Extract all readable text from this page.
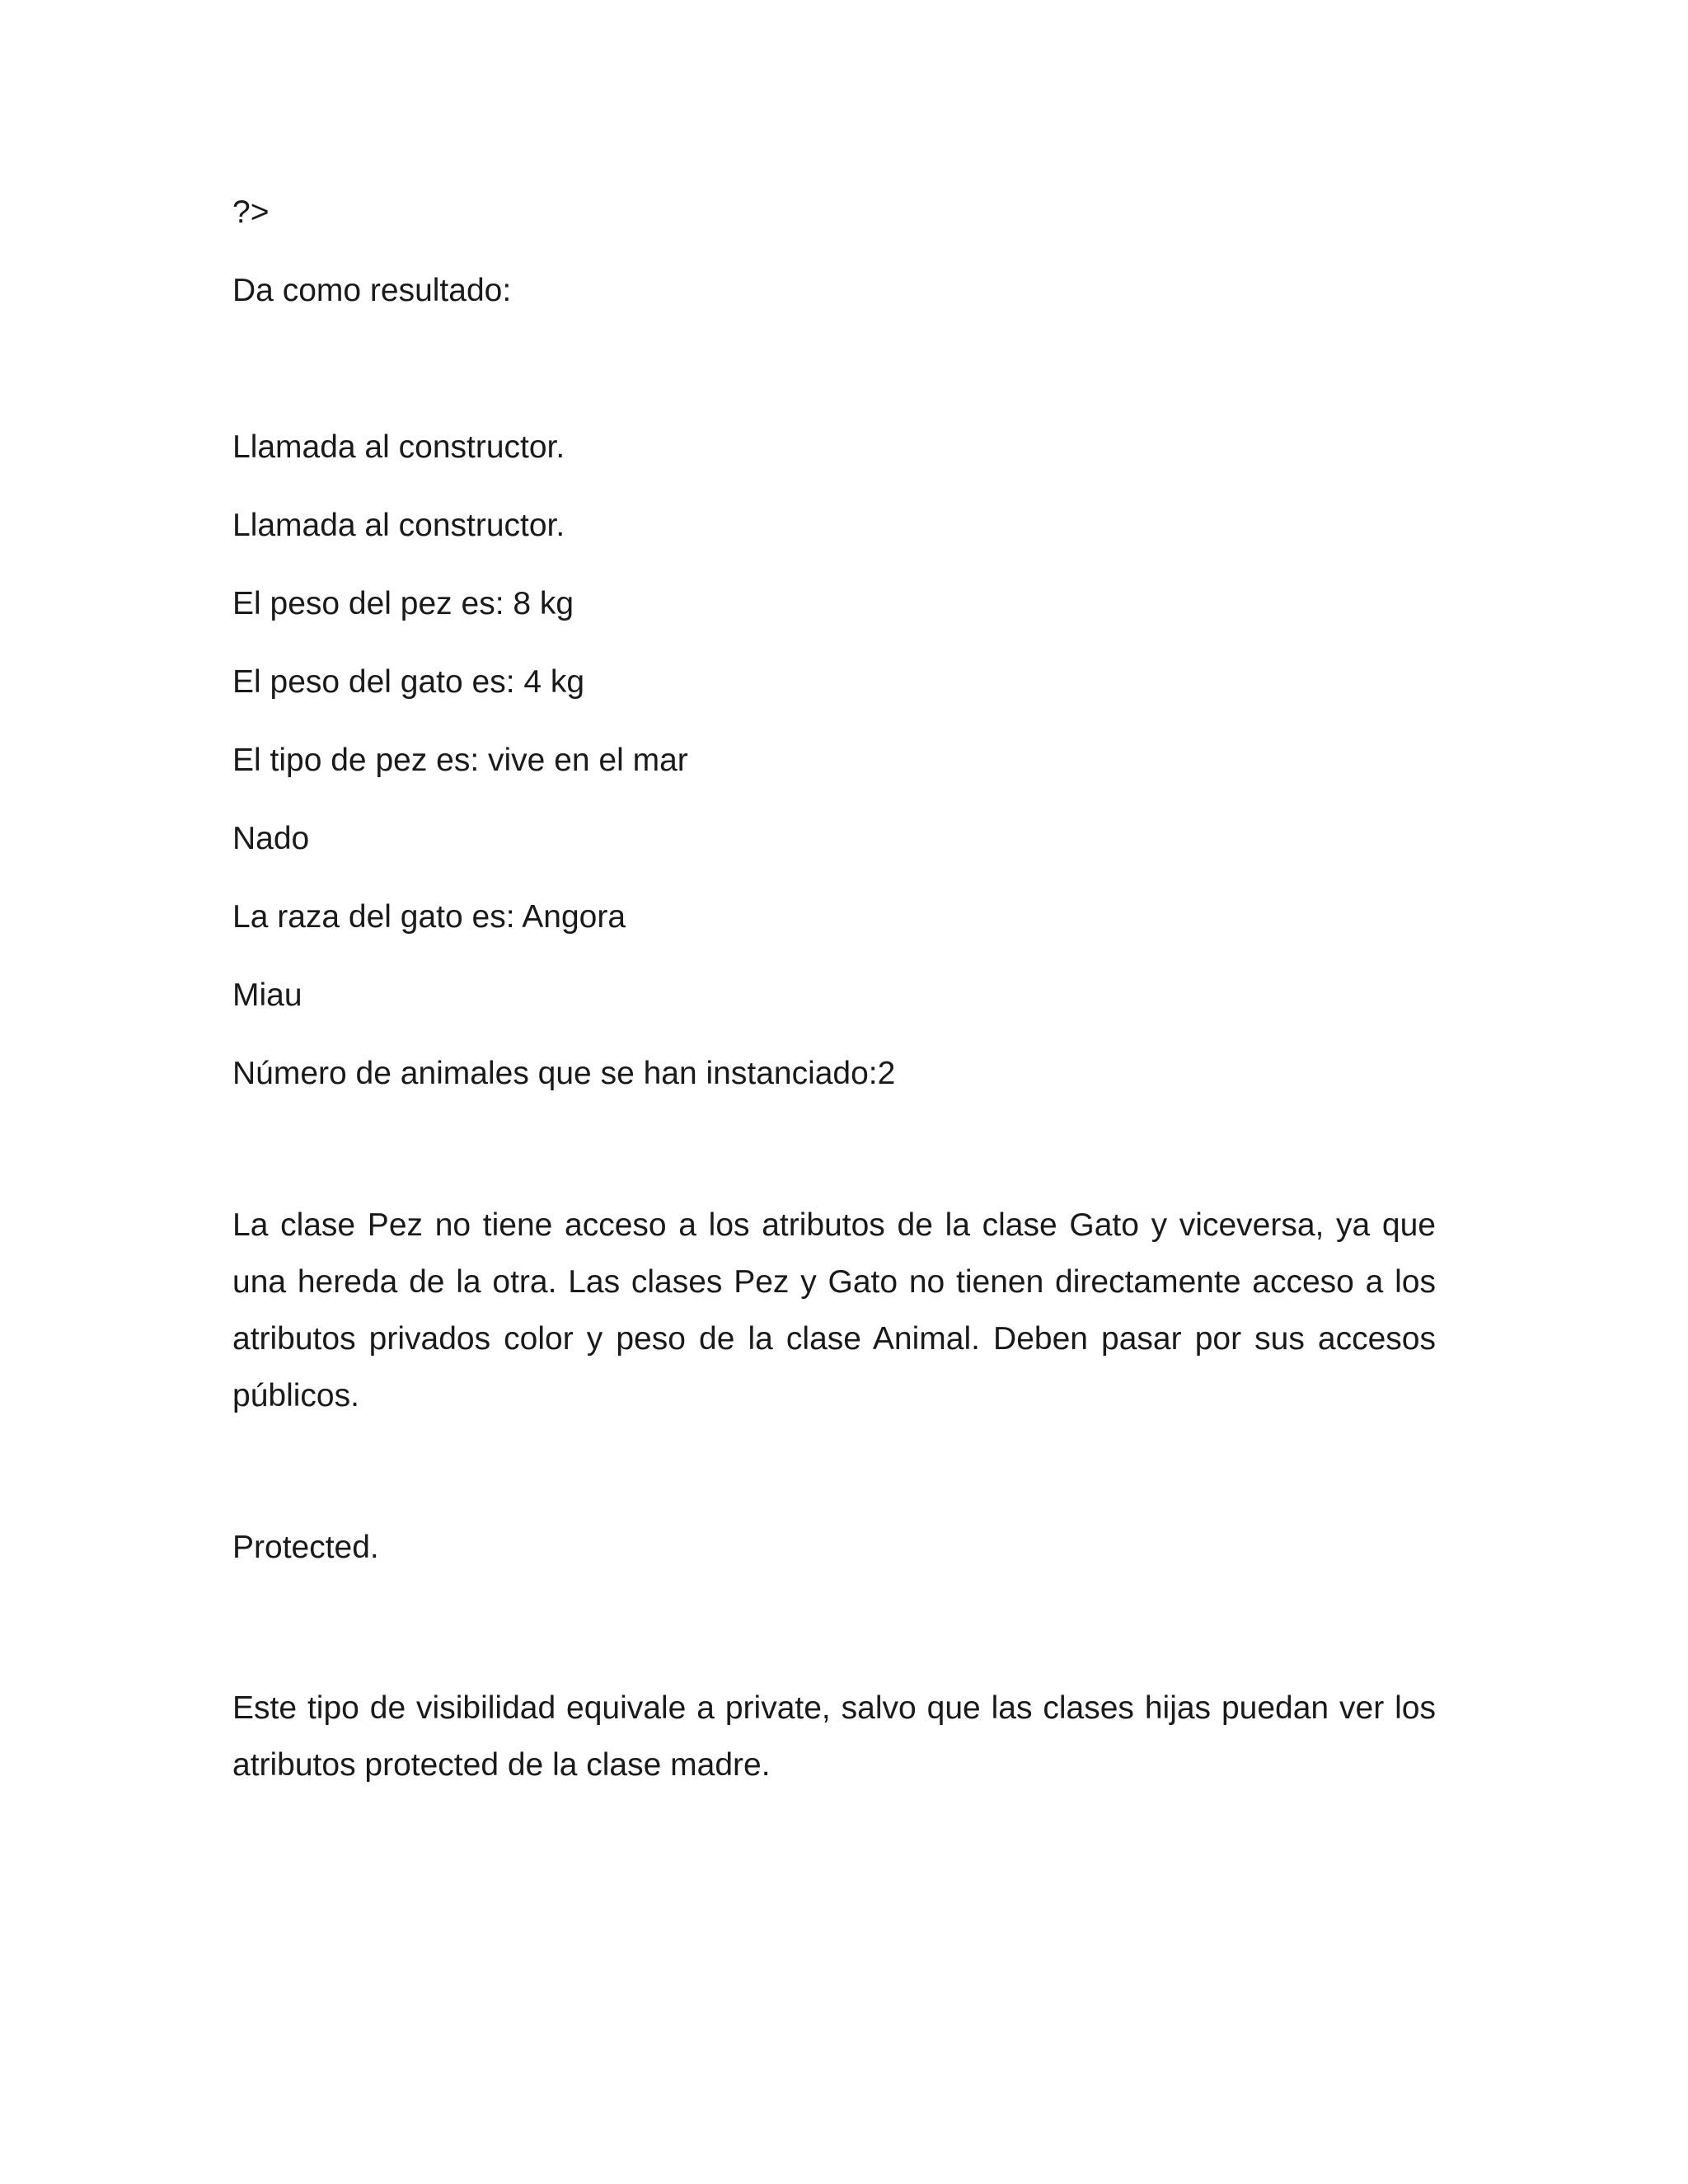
?>

Da como resultado:

Llamada al constructor.

Llamada al constructor.

El peso del pez es: 8 kg

El peso del gato es: 4 kg

El tipo de pez es: vive en el mar

Nado

La raza del gato es: Angora

Miau

Número de animales que se han instanciado:2

La clase Pez no tiene acceso a los atributos de la clase Gato y viceversa, ya que una hereda de la otra. Las clases Pez y Gato no tienen directamente acceso a los atributos privados color y peso de la clase Animal. Deben pasar por sus accesos públicos.

Protected.

Este tipo de visibilidad equivale a private, salvo que las clases hijas puedan ver los atributos protected de la clase madre.
